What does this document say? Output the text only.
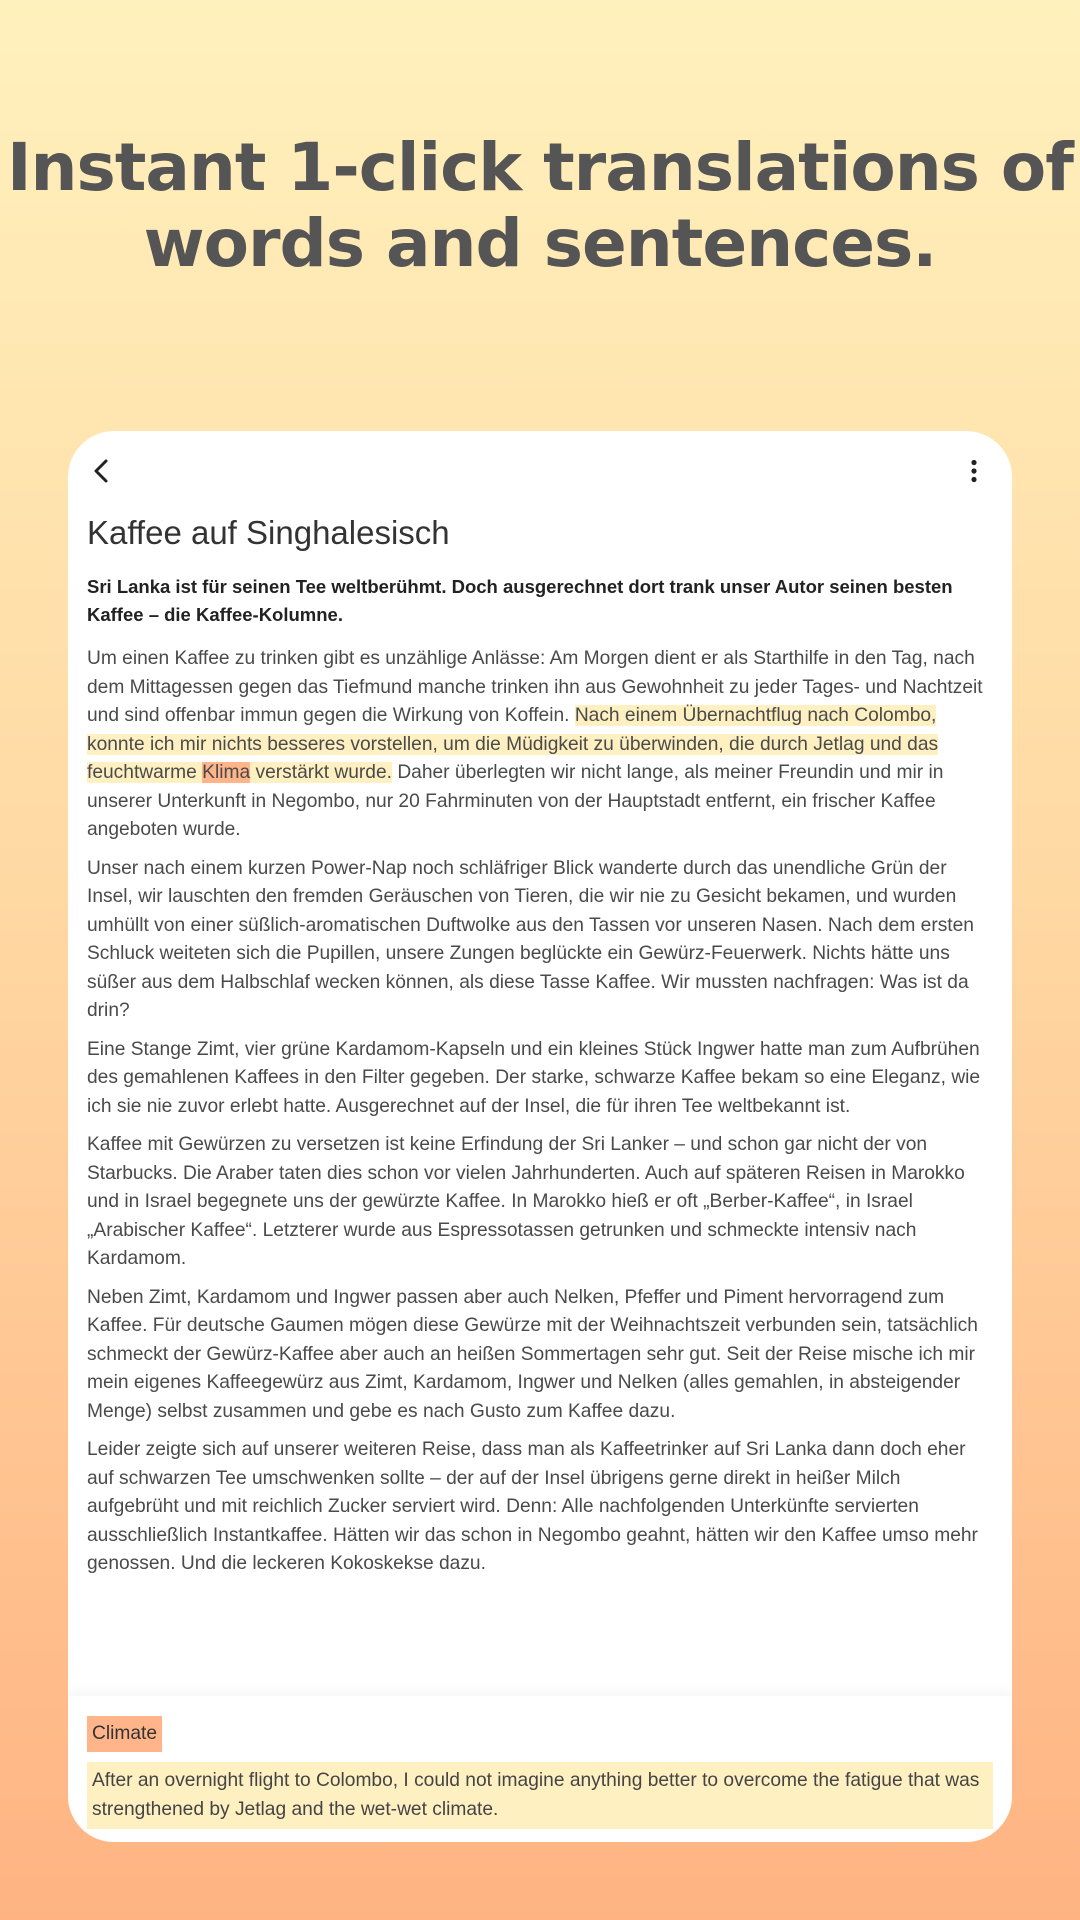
Instant 1-click translations of
words and sentences.
Kaffee auf Singhalesisch

Sri Lanka ist für seinen Tee weltberühmt. Doch ausgerechnet dort trank unser Autor seinen besten Kaffee – die Kaffee-Kolumne.

Um einen Kaffee zu trinken gibt es unzählige Anlässe: Am Morgen dient er als Starthilfe in den Tag, nach dem Mittagessen gegen das Tiefmund manche trinken ihn aus Gewohnheit zu jeder Tages- und Nachtzeit und sind offenbar immun gegen die Wirkung von Koffein. Nach einem Übernachtflug nach Colombo, konnte ich mir nichts besseres vorstellen, um die Müdigkeit zu überwinden, die durch Jetlag und das feuchtwarme Klima verstärkt wurde. Daher überlegten wir nicht lange, als meiner Freundin und mir in unserer Unterkunft in Negombo, nur 20 Fahrminuten von der Hauptstadt entfernt, ein frischer Kaffee angeboten wurde.

Unser nach einem kurzen Power-Nap noch schläfriger Blick wanderte durch das unendliche Grün der Insel, wir lauschten den fremden Geräuschen von Tieren, die wir nie zu Gesicht bekamen, und wurden umhüllt von einer süßlich-aromatischen Duftwolke aus den Tassen vor unseren Nasen. Nach dem ersten Schluck weiteten sich die Pupillen, unsere Zungen beglückte ein Gewürz-Feuerwerk. Nichts hätte uns süßer aus dem Halbschlaf wecken können, als diese Tasse Kaffee. Wir mussten nachfragen: Was ist da drin?

Eine Stange Zimt, vier grüne Kardamom-Kapseln und ein kleines Stück Ingwer hatte man zum Aufbrühen des gemahlenen Kaffees in den Filter gegeben. Der starke, schwarze Kaffee bekam so eine Eleganz, wie ich sie nie zuvor erlebt hatte. Ausgerechnet auf der Insel, die für ihren Tee weltbekannt ist.

Kaffee mit Gewürzen zu versetzen ist keine Erfindung der Sri Lanker – und schon gar nicht der von Starbucks. Die Araber taten dies schon vor vielen Jahrhunderten. Auch auf späteren Reisen in Marokko und in Israel begegnete uns der gewürzte Kaffee. In Marokko hieß er oft „Berber-Kaffee“, in Israel „Arabischer Kaffee“. Letzterer wurde aus Espressotassen getrunken und schmeckte intensiv nach Kardamom.

Neben Zimt, Kardamom und Ingwer passen aber auch Nelken, Pfeffer und Piment hervorragend zum Kaffee. Für deutsche Gaumen mögen diese Gewürze mit der Weihnachtszeit verbunden sein, tatsächlich schmeckt der Gewürz-Kaffee aber auch an heißen Sommertagen sehr gut. Seit der Reise mische ich mir mein eigenes Kaffeegewürz aus Zimt, Kardamom, Ingwer und Nelken (alles gemahlen, in absteigender Menge) selbst zusammen und gebe es nach Gusto zum Kaffee dazu.

Leider zeigte sich auf unserer weiteren Reise, dass man als Kaffeetrinker auf Sri Lanka dann doch eher auf schwarzen Tee umschwenken sollte – der auf der Insel übrigens gerne direkt in heißer Milch aufgebrüht und mit reichlich Zucker serviert wird. Denn: Alle nachfolgenden Unterkünfte servierten ausschließlich Instantkaffee. Hätten wir das schon in Negombo geahnt, hätten wir den Kaffee umso mehr genossen. Und die leckeren Kokoskekse dazu.

Climate
After an overnight flight to Colombo, I could not imagine anything better to overcome the fatigue that was strengthened by Jetlag and the wet-wet climate.
